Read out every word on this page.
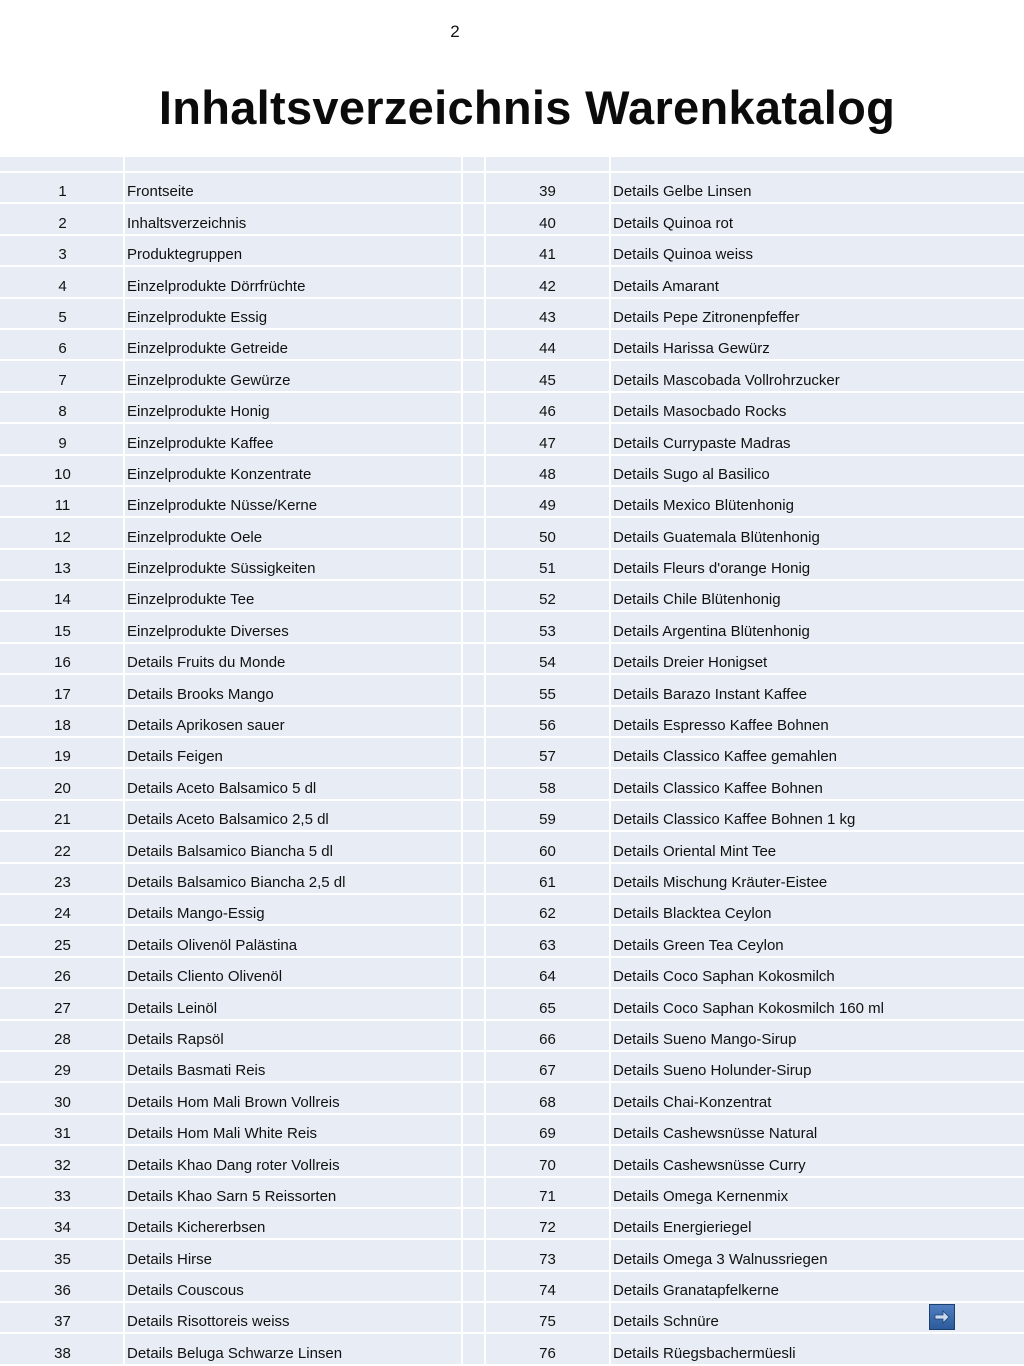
2
Inhaltsverzeichnis Warenkatalog
1	Frontseite
2	Inhaltsverzeichnis
3	Produktegruppen
4	Einzelprodukte Dörrfrüchte
5	Einzelprodukte Essig
6	Einzelprodukte Getreide
7	Einzelprodukte Gewürze
8	Einzelprodukte Honig
9	Einzelprodukte Kaffee
10	Einzelprodukte Konzentrate
11	Einzelprodukte Nüsse/Kerne
12	Einzelprodukte Oele
13	Einzelprodukte Süssigkeiten
14	Einzelprodukte Tee
15	Einzelprodukte Diverses
16	Details Fruits du Monde
17	Details Brooks Mango
18	Details Aprikosen sauer
19	Details Feigen
20	Details Aceto Balsamico 5 dl
21	Details Aceto Balsamico 2,5 dl
22	Details Balsamico Biancha 5 dl
23	Details Balsamico Biancha 2,5 dl
24	Details Mango-Essig
25	Details Olivenöl Palästina
26	Details Cliento Olivenöl
27	Details Leinöl
28	Details Rapsöl
29	Details Basmati Reis
30	Details Hom Mali Brown Vollreis
31	Details Hom Mali White Reis
32	Details Khao Dang roter Vollreis
33	Details Khao Sarn 5 Reissorten
34	Details Kichererbsen
35	Details Hirse
36	Details Couscous
37	Details Risottoreis weiss
38	Details Beluga Schwarze Linsen
39	Details Gelbe Linsen
40	Details Quinoa rot
41	Details Quinoa weiss
42	Details Amarant
43	Details Pepe Zitronenpfeffer
44	Details Harissa Gewürz
45	Details Mascobada Vollrohrzucker
46	Details Masocbado Rocks
47	Details Currypaste Madras
48	Details Sugo al Basilico
49	Details Mexico Blütenhonig
50	Details Guatemala Blütenhonig
51	Details Fleurs d'orange Honig
52	Details Chile Blütenhonig
53	Details Argentina Blütenhonig
54	Details Dreier Honigset
55	Details Barazo Instant Kaffee
56	Details Espresso Kaffee Bohnen
57	Details Classico Kaffee gemahlen
58	Details Classico Kaffee Bohnen
59	Details Classico Kaffee Bohnen 1 kg
60	Details Oriental Mint Tee
61	Details Mischung Kräuter-Eistee
62	Details Blacktea Ceylon
63	Details Green Tea Ceylon
64	Details Coco Saphan Kokosmilch
65	Details Coco Saphan Kokosmilch 160 ml
66	Details Sueno Mango-Sirup
67	Details Sueno Holunder-Sirup
68	Details Chai-Konzentrat
69	Details Cashewsnüsse Natural
70	Details Cashewsnüsse Curry
71	Details Omega Kernenmix
72	Details Energieriegel
73	Details Omega 3 Walnussriegen
74	Details Granatapfelkerne
75	Details Schnüre
76	Details Rüegsbachermüesli
